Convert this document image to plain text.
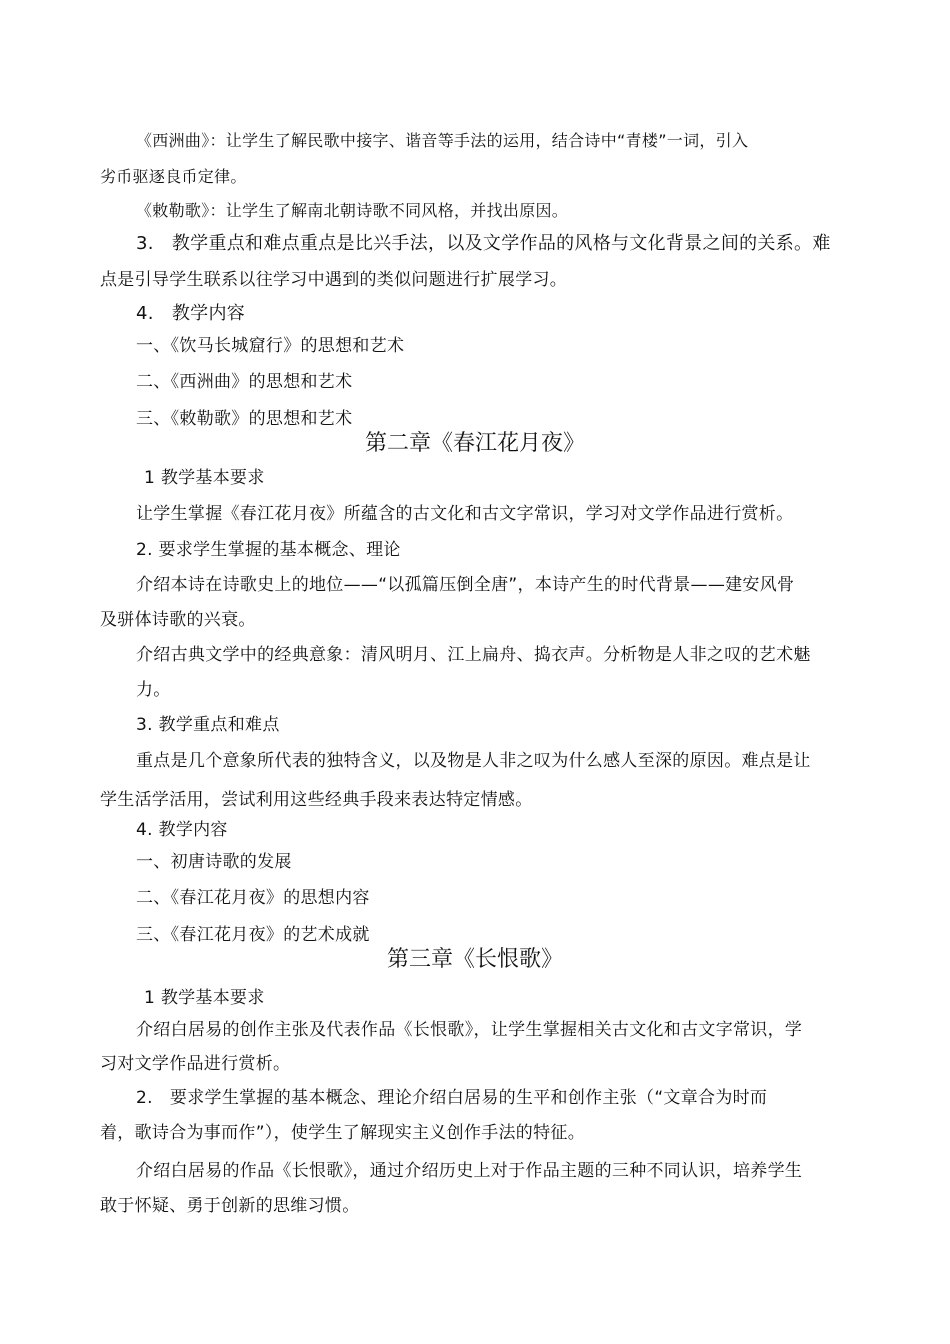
《西洲曲》：让学生了解民歌中接字、谐音等手法的运用，结合诗中“青楼”一词，引入

劣币驱逐良币定律。

《敕勒歌》：让学生了解南北朝诗歌不同风格，并找出原因。

3.   教学重点和难点重点是比兴手法，以及文学作品的风格与文化背景之间的关系。难

点是引导学生联系以往学习中遇到的类似问题进行扩展学习。

4.   教学内容

一、《饮马长城窟行》的思想和艺术

二、《西洲曲》的思想和艺术

三、《敕勒歌》的思想和艺术

第二章《春江花月夜》

1 教学基本要求

让学生掌握《春江花月夜》所蕴含的古文化和古文字常识，学习对文学作品进行赏析。

2. 要求学生掌握的基本概念、理论

介绍本诗在诗歌史上的地位——“以孤篇压倒全唐”，本诗产生的时代背景——建安风骨

及骈体诗歌的兴衰。

介绍古典文学中的经典意象：清风明月、江上扁舟、捣衣声。分析物是人非之叹的艺术魅

力。

3. 教学重点和难点

重点是几个意象所代表的独特含义，以及物是人非之叹为什么感人至深的原因。难点是让

学生活学活用，尝试利用这些经典手段来表达特定情感。

4. 教学内容

一、初唐诗歌的发展

二、《春江花月夜》的思想内容

三、《春江花月夜》的艺术成就

第三章《长恨歌》

1 教学基本要求

介绍白居易的创作主张及代表作品《长恨歌》，让学生掌握相关古文化和古文字常识，学

习对文学作品进行赏析。

2.   要求学生掌握的基本概念、理论介绍白居易的生平和创作主张（“文章合为时而

着，歌诗合为事而作”），使学生了解现实主义创作手法的特征。

介绍白居易的作品《长恨歌》，通过介绍历史上对于作品主题的三种不同认识，培养学生

敢于怀疑、勇于创新的思维习惯。
